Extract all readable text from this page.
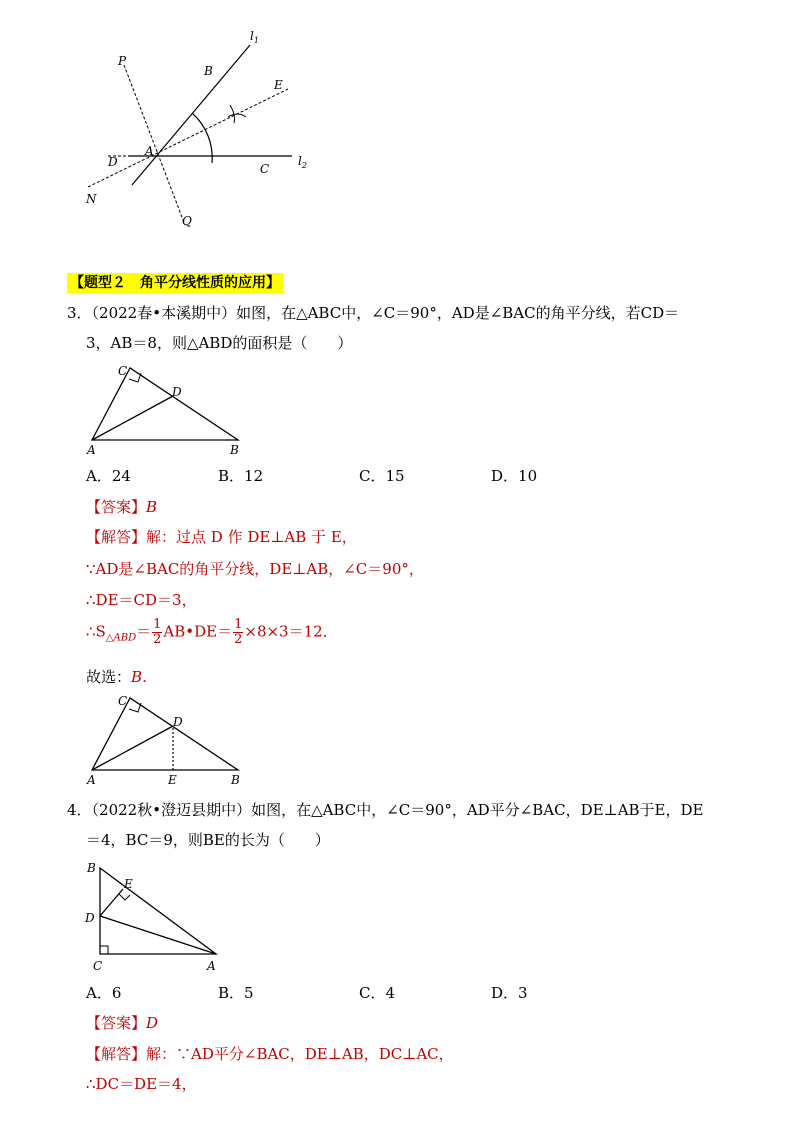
$l_1$
B
E
P
A
D	C
$l_2$
N
Q
【题型２　角平分线性质的应用】
3．（2022春•本溪期中）如图，在△ABC中，∠C＝90°，AD是∠BAC的角平分线，若CD＝
3，AB＝8，则△ABD的面积是（　　）
C
D
A	B
A．24	B．12	C．15	D．10
【答案】B
【解答】解：过点 D 作 DE⊥AB 于 E，
∵AD是∠BAC的角平分线，DE⊥AB，∠C＝90°，
∴DE＝CD＝3，
$\therefore S_{\triangle ABD}= \frac{1}{2}$ AB•DE＝ $\frac{1}{2} \times 8\times 3=12$．
故选：B．
C
D
A	E	B
4．（2022秋•澄迈县期中）如图，在△ABC中，∠C＝90°，AD平分∠BAC，DE⊥AB于E，DE
＝4，BC＝9，则BE的长为（　　）
B
E
D
C	A
A．6	B．5	C．4	D．3
【答案】D
【解答】解：∵AD平分∠BAC，DE⊥AB，DC⊥AC，
∴DC＝DE＝4，
